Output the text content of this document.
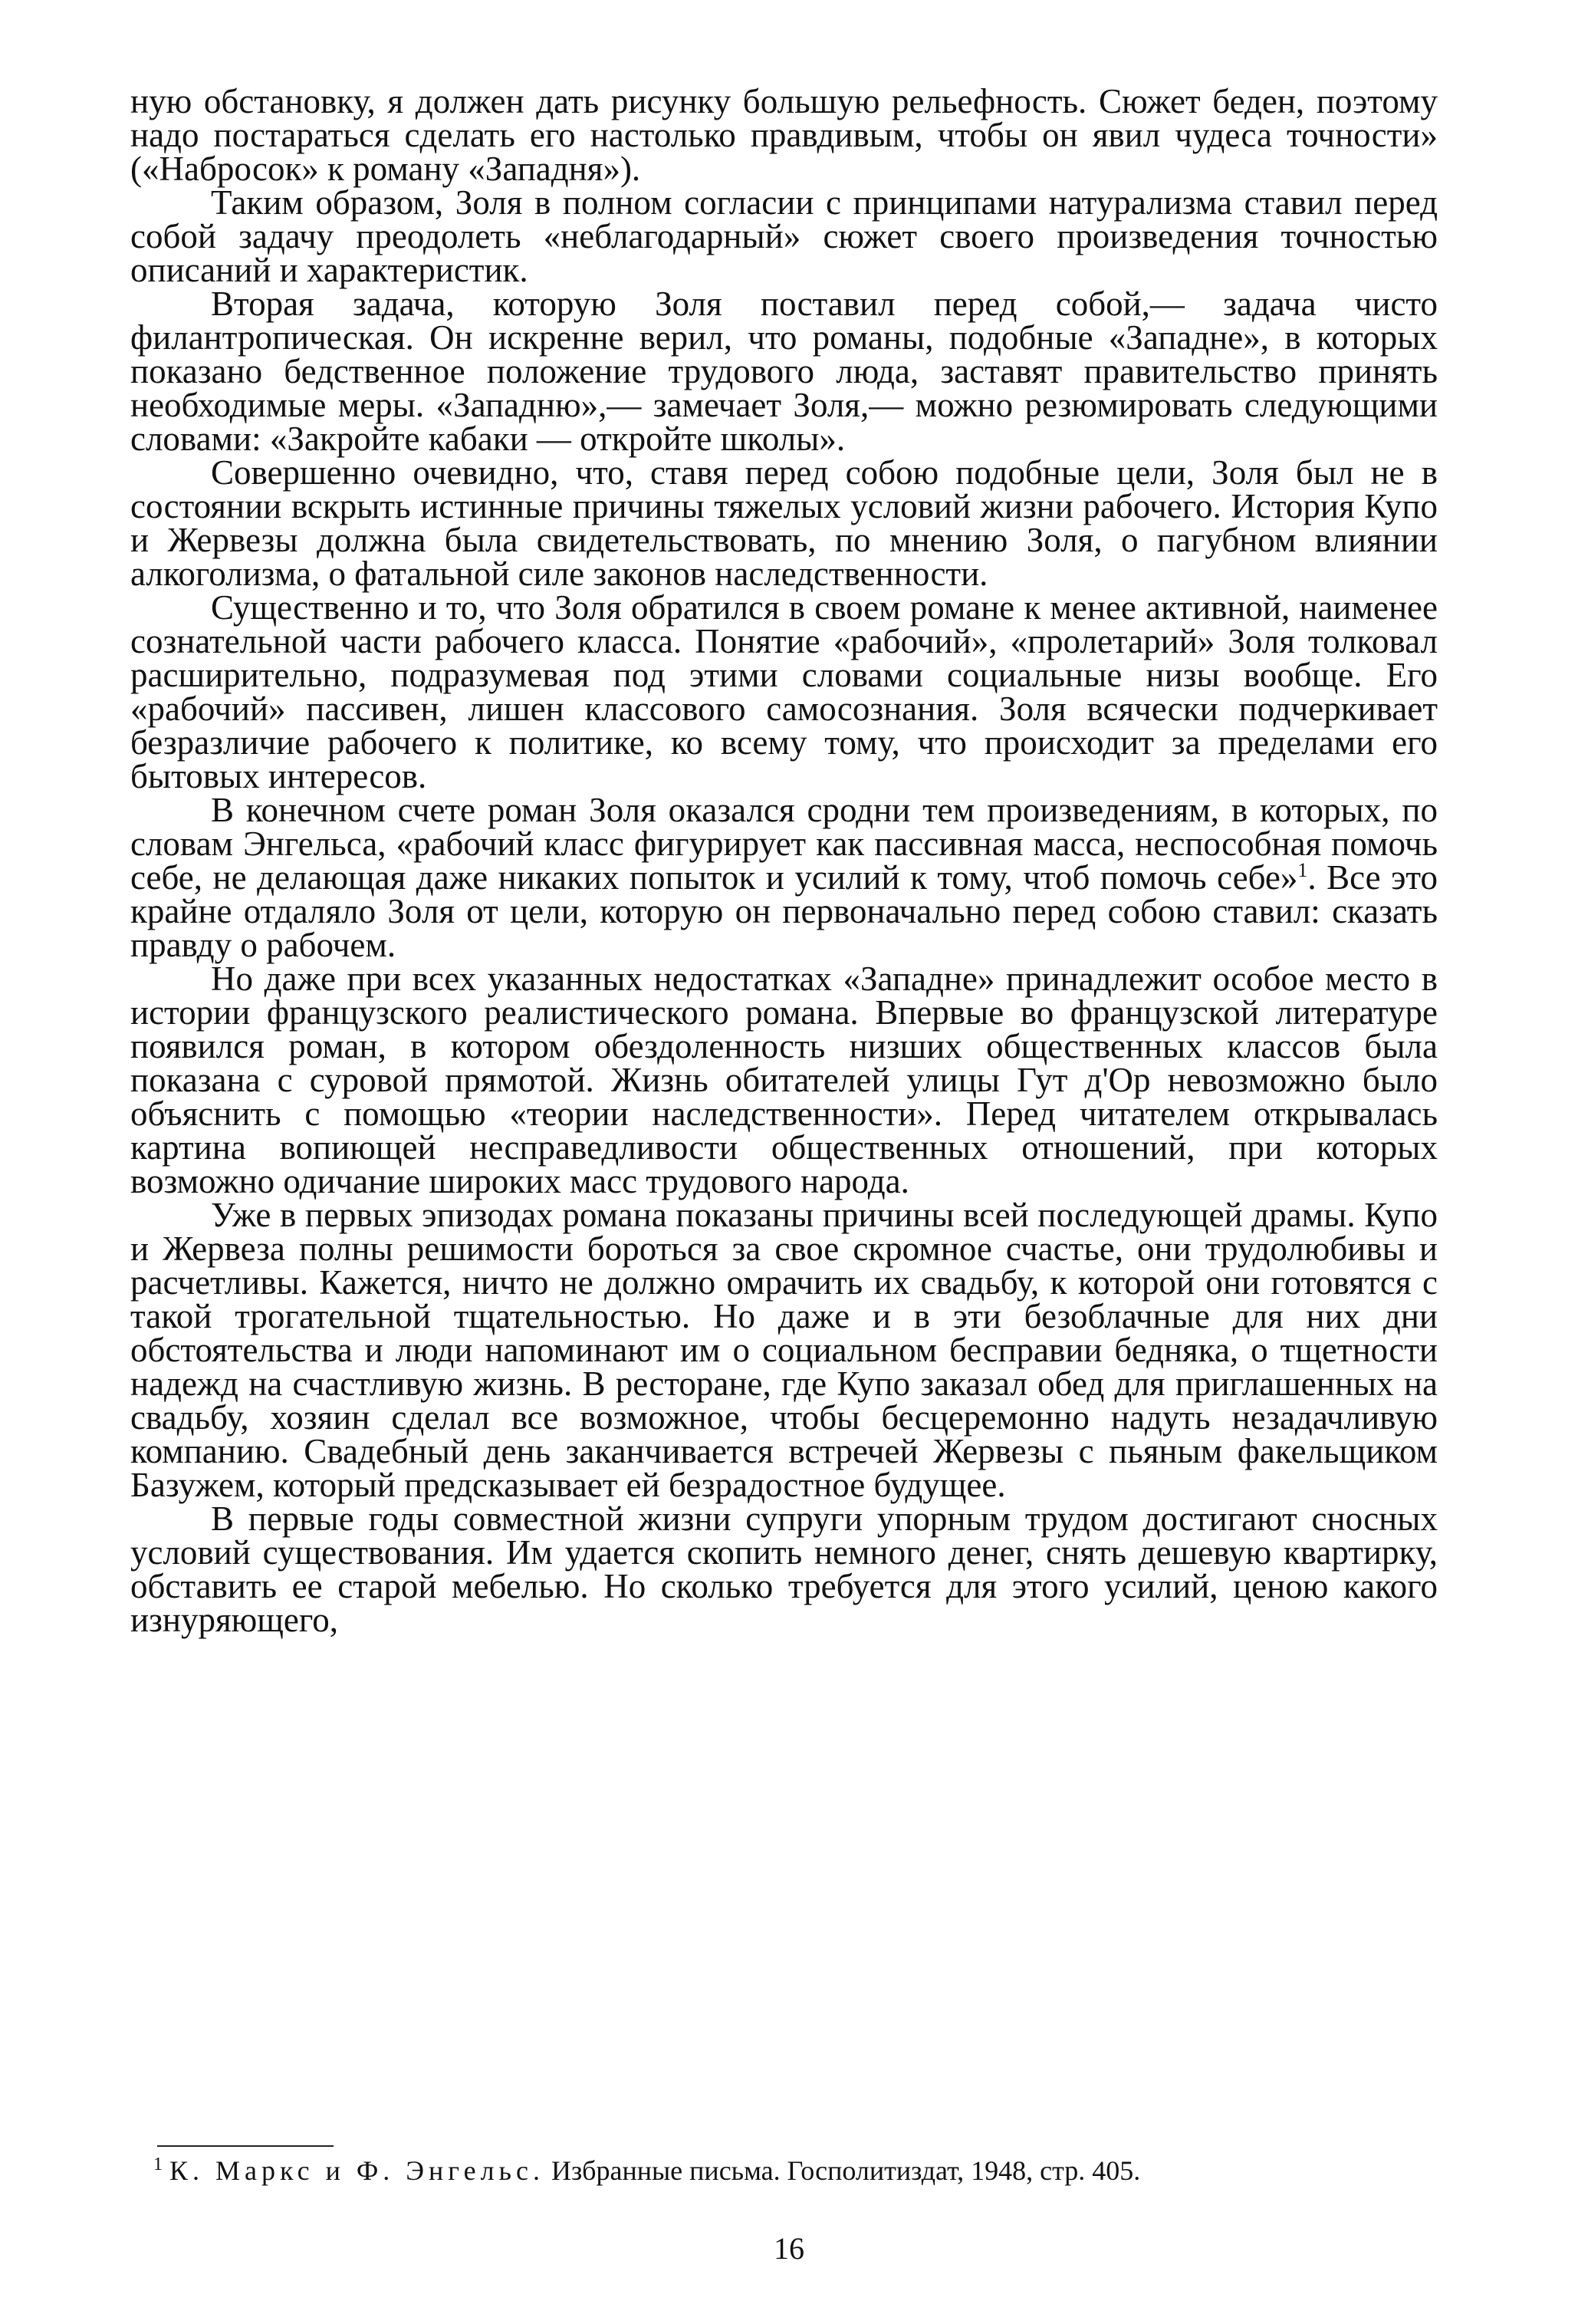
ную обстановку, я должен дать рисунку большую рельефность. Сюжет беден, поэтому надо постараться сделать его настолько правдивым, чтобы он явил чудеса точности» («Набросок» к роману «Западня»).

Таким образом, Золя в полном согласии с принципами натурализма ставил перед собой задачу преодолеть «неблагодарный» сюжет своего произведения точностью описаний и характеристик.

Вторая задача, которую Золя поставил перед собой,— задача чисто филантропическая. Он искренне верил, что романы, подобные «Западне», в которых показано бедственное положение трудового люда, заставят правительство принять необходимые меры. «Западню»,— замечает Золя,— можно резюмировать следующими словами: «Закройте кабаки — откройте школы».

Совершенно очевидно, что, ставя перед собою подобные цели, Золя был не в состоянии вскрыть истинные причины тяжелых условий жизни рабочего. История Купо и Жервезы должна была свидетельствовать, по мнению Золя, о пагубном влиянии алкоголизма, о фатальной силе законов наследственности.

Существенно и то, что Золя обратился в своем романе к менее активной, наименее сознательной части рабочего класса. Понятие «рабочий», «пролетарий» Золя толковал расширительно, подразумевая под этими словами социальные низы вообще. Его «рабочий» пассивен, лишен классового самосознания. Золя всячески подчеркивает безразличие рабочего к политике, ко всему тому, что происходит за пределами его бытовых интересов.

В конечном счете роман Золя оказался сродни тем произведениям, в которых, по словам Энгельса, «рабочий класс фигурирует как пассивная масса, неспособная помочь себе, не делающая даже никаких попыток и усилий к тому, чтоб помочь себе»$^1$. Все это крайне отдаляло Золя от цели, которую он первоначально перед собою ставил: сказать правду о рабочем.

Но даже при всех указанных недостатках «Западне» принадлежит особое место в истории французского реалистического романа. Впервые во французской литературе появился роман, в котором обездоленность низших общественных классов была показана с суровой прямотой. Жизнь обитателей улицы Гут д'Ор невозможно было объяснить с помощью «теории наследственности». Перед читателем открывалась картина вопиющей несправедливости общественных отношений, при которых возможно одичание широких масс трудового народа.

Уже в первых эпизодах романа показаны причины всей последующей драмы. Купо и Жервеза полны решимости бороться за свое скромное счастье, они трудолюбивы и расчетливы. Кажется, ничто не должно омрачить их свадьбу, к которой они готовятся с такой трогательной тщательностью. Но даже и в эти безоблачные для них дни обстоятельства и люди напоминают им о социальном бесправии бедняка, о тщетности надежд на счастливую жизнь. В ресторане, где Купо заказал обед для приглашенных на свадьбу, хозяин сделал все возможное, чтобы бесцеремонно надуть незадачливую компанию. Свадебный день заканчивается встречей Жервезы с пьяным факельщиком Базужем, который предсказывает ей безрадостное будущее.

В первые годы совместной жизни супруги упорным трудом достигают сносных условий существования. Им удается скопить немного денег, снять дешевую квартирку, обставить ее старой мебелью. Но сколько требуется для этого усилий, ценою какого изнуряющего,

$^1$ К. Маркс и Ф. Энгельс. Избранные письма. Госполитиздат, 1948, стр. 405.
16
